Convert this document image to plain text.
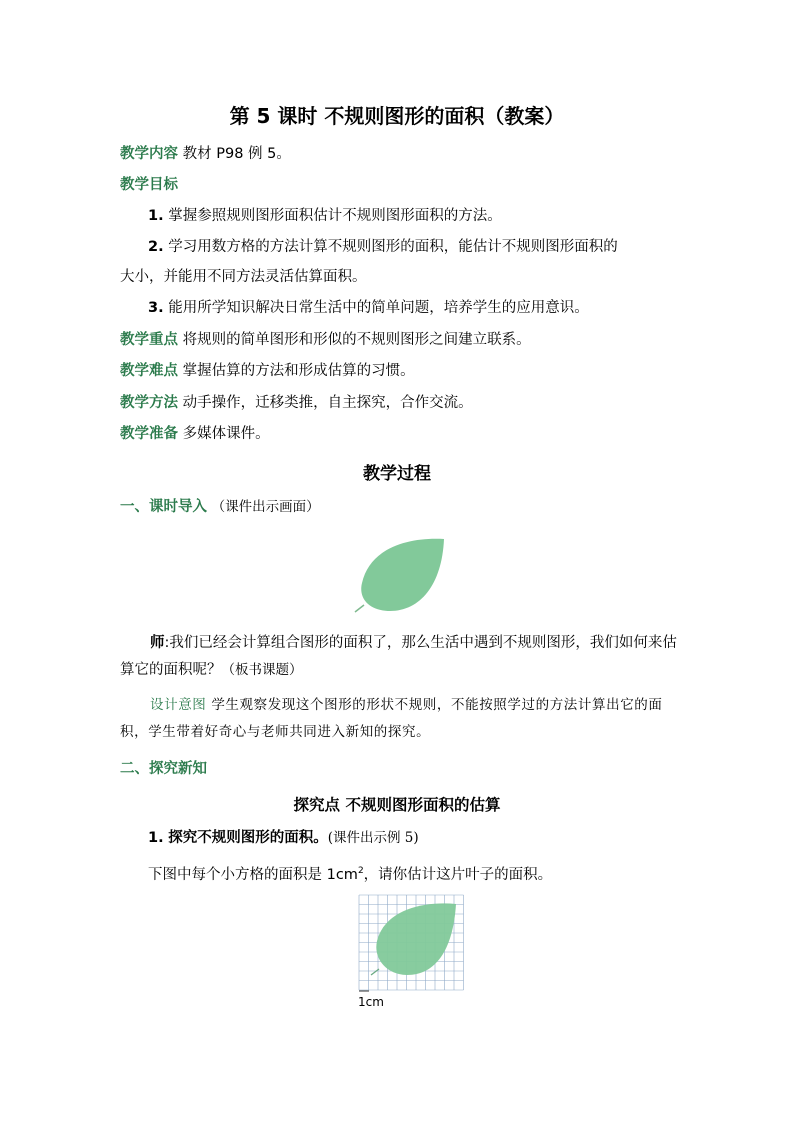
第 5 课时 不规则图形的面积（教案）
教学内容 教材 P98 例 5。
教学目标
1. 掌握参照规则图形面积估计不规则图形面积的方法。
2. 学习用数方格的方法计算不规则图形的面积，能估计不规则图形面积的
大小，并能用不同方法灵活估算面积。
3. 能用所学知识解决日常生活中的简单问题，培养学生的应用意识。
教学重点 将规则的简单图形和形似的不规则图形之间建立联系。
教学难点 掌握估算的方法和形成估算的习惯。
教学方法 动手操作，迁移类推，自主探究，合作交流。
教学准备 多媒体课件。
教学过程
一、课时导入 （课件出示画面）
师:我们已经会计算组合图形的面积了，那么生活中遇到不规则图形，我们如何来估算它的面积呢？（板书课题）
设计意图 学生观察发现这个图形的形状不规则，不能按照学过的方法计算出它的面积，学生带着好奇心与老师共同进入新知的探究。
二、探究新知
探究点 不规则图形面积的估算
1. 探究不规则图形的面积。(课件出示例 5)
下图中每个小方格的面积是 $1cm^2$，请你估计这片叶子的面积。
1cm
